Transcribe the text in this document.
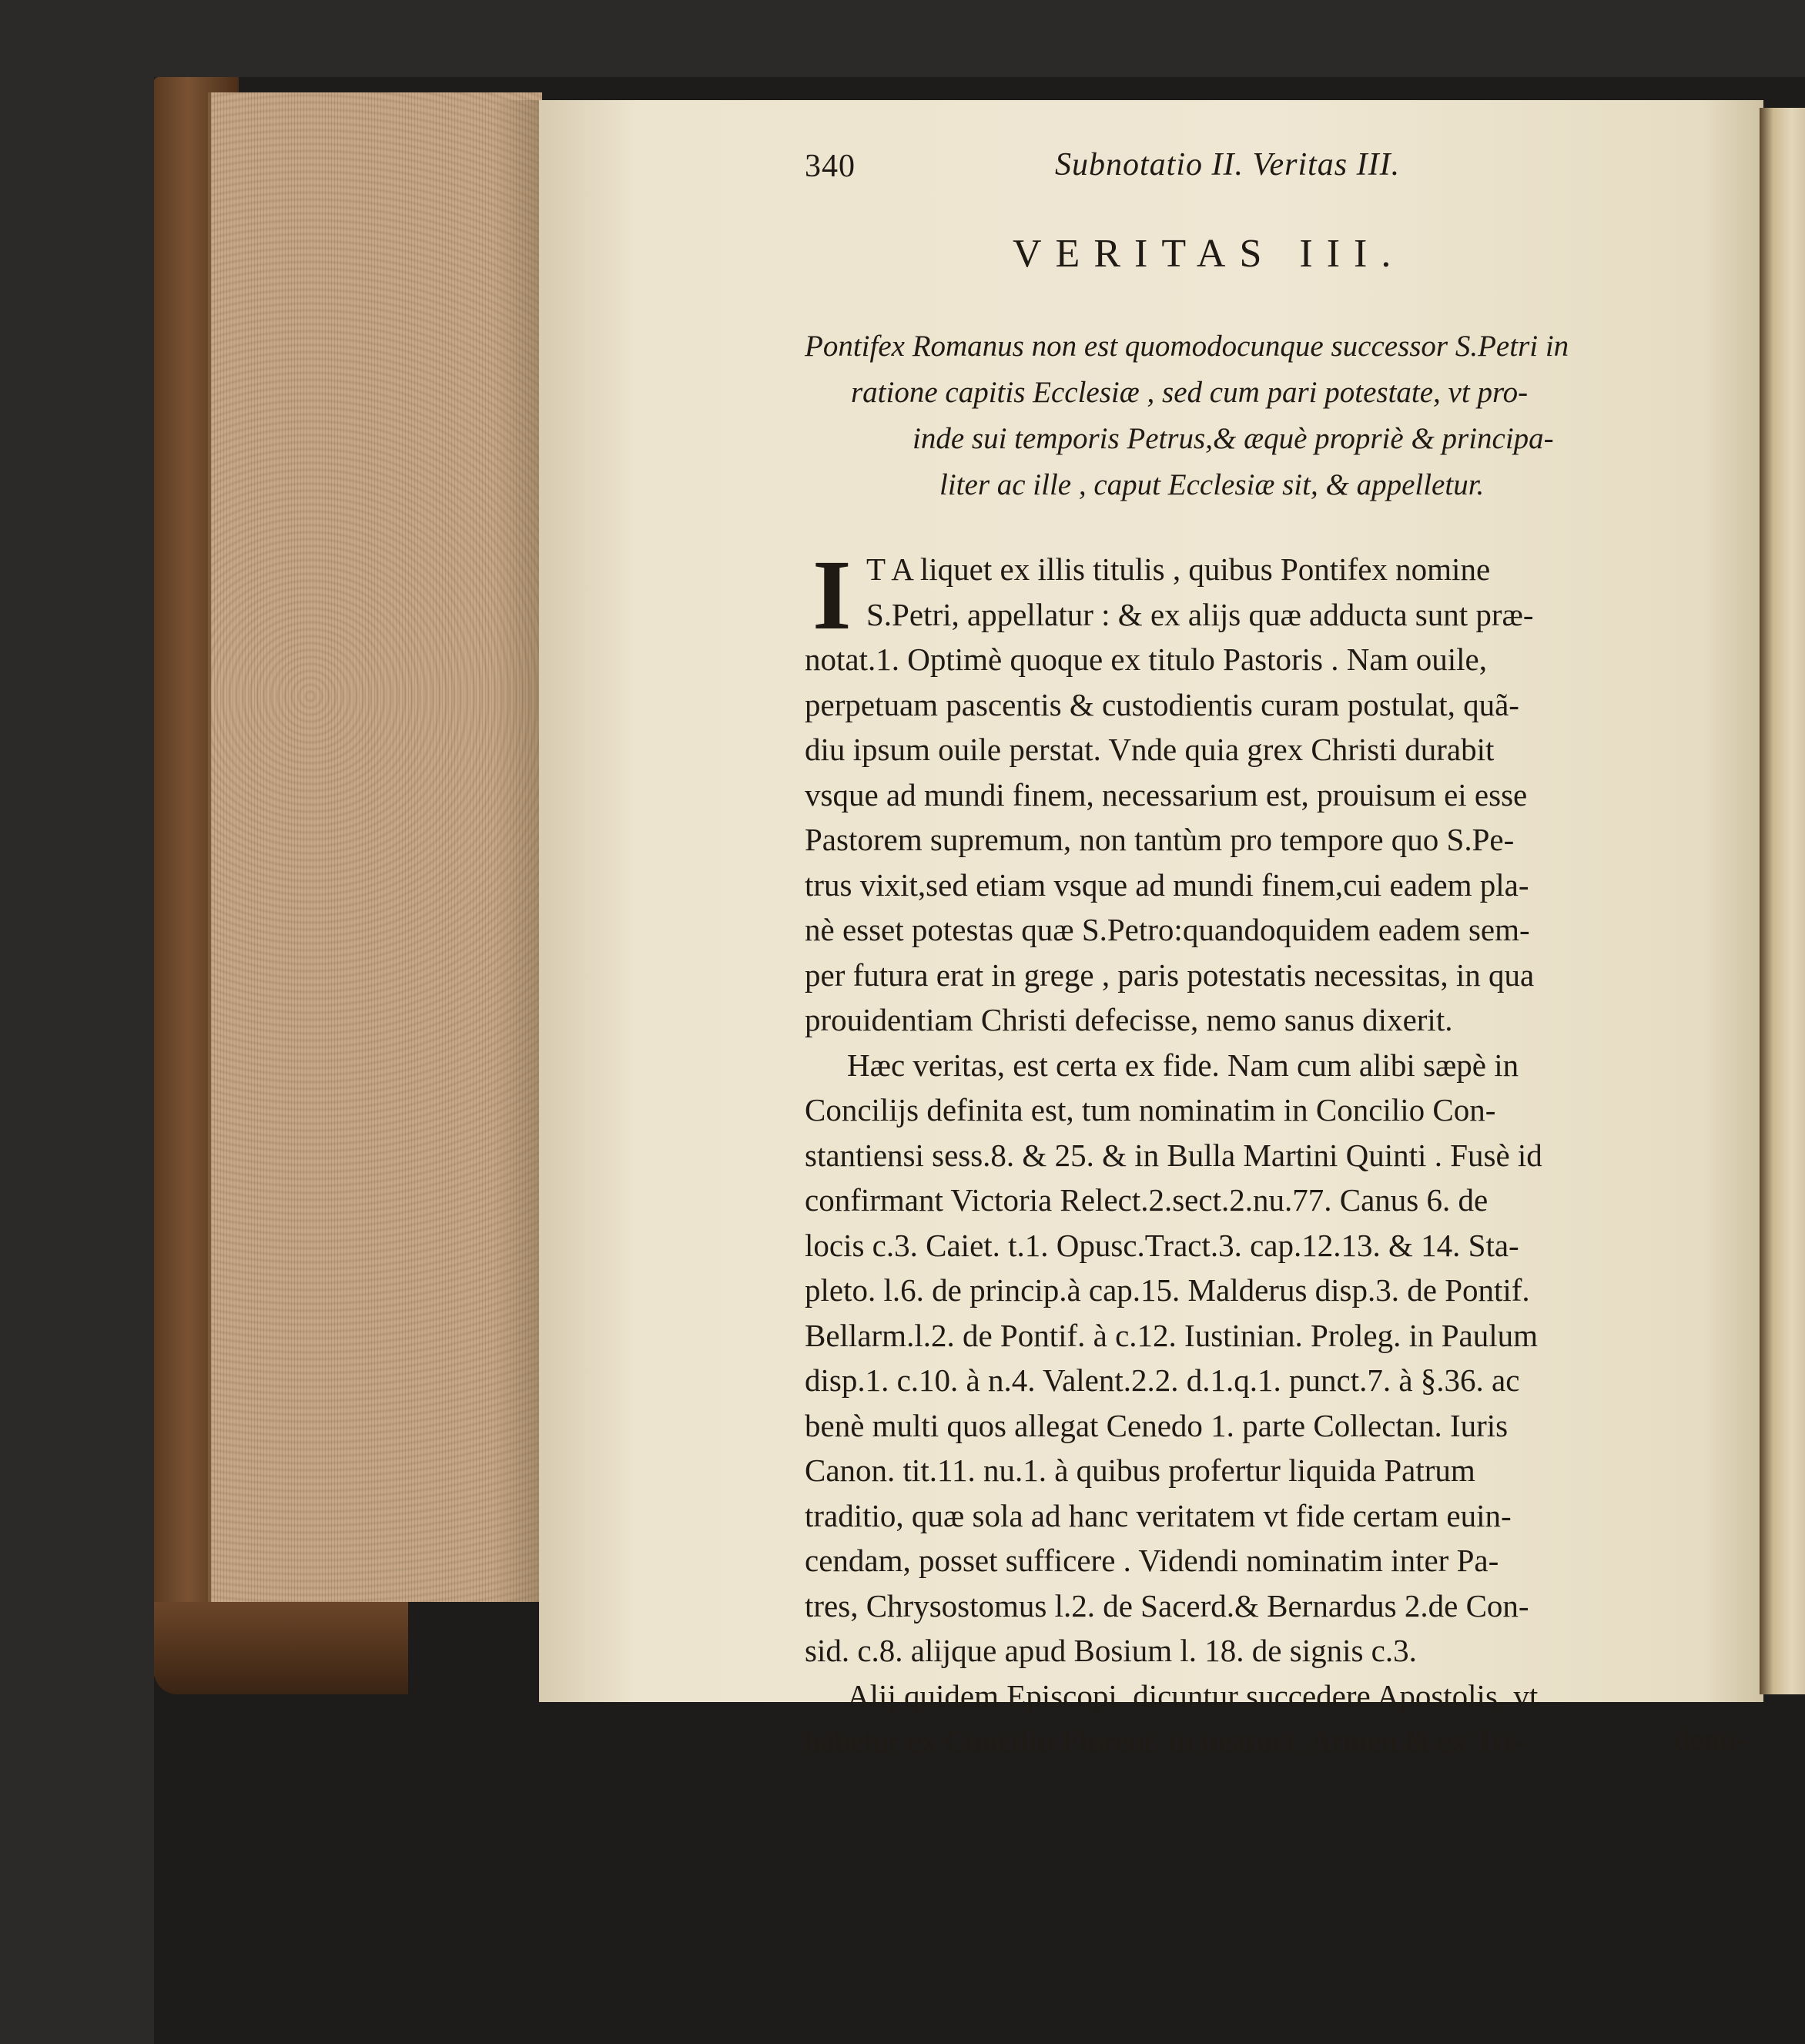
340	Subnotatio II. Veritas III.
VERITAS III.
Pontifex Romanus non est quomodocunque successor S.Petri in
ratione capitis Ecclesiæ , sed cum pari potestate, vt pro-
inde sui temporis Petrus,& æquè propriè & principa-
liter ac ille , caput Ecclesiæ sit, & appelletur.
I T A liquet ex illis titulis , quibus Pontifex nomine
S.Petri, appellatur : & ex alijs quæ adducta sunt præ-
notat.1. Optimè quoque ex titulo Pastoris . Nam ouile,
perpetuam pascentis & custodientis curam postulat, quã-
diu ipsum ouile perstat. Vnde quia grex Christi durabit
vsque ad mundi finem, necessarium est, prouisum ei esse
Pastorem supremum, non tantùm pro tempore quo S.Pe-
trus vixit,sed etiam vsque ad mundi finem,cui eadem pla-
nè esset potestas quæ S.Petro:quandoquidem eadem sem-
per futura erat in grege , paris potestatis necessitas, in qua
prouidentiam Christi defecisse, nemo sanus dixerit.
Hæc veritas, est certa ex fide. Nam cum alibi sæpè in
Concilijs definita est, tum nominatim in Concilio Con-
stantiensi sess.8. & 25. & in Bulla Martini Quinti . Fusè id
confirmant Victoria Relect.2.sect.2.nu.77. Canus 6. de
locis c.3. Caiet. t.1. Opusc.Tract.3. cap.12.13. & 14. Sta-
pleto. l.6. de princip.à cap.15. Malderus disp.3. de Pontif.
Bellarm.l.2. de Pontif. à c.12. Iustinian. Proleg. in Paulum
disp.1. c.10. à n.4. Valent.2.2. d.1.q.1. punct.7. à §.36. ac
benè multi quos allegat Cenedo 1. parte Collectan. Iuris
Canon. tit.11. nu.1. à quibus profertur liquida Patrum
traditio, quæ sola ad hanc veritatem vt fide certam euin-
cendam, posset sufficere . Videndi nominatim inter Pa-
tres, Chrysostomus l.2. de Sacerd.& Bernardus 2.de Con-
sid. c.8. alijque apud Bosium l. 18. de signis c.3.
Alij quidem Episcopi, dicuntur succedere Apostolis, vt
habetur ex Concilio Florent. in instruct. Armen.& ex Tri-	denti-
